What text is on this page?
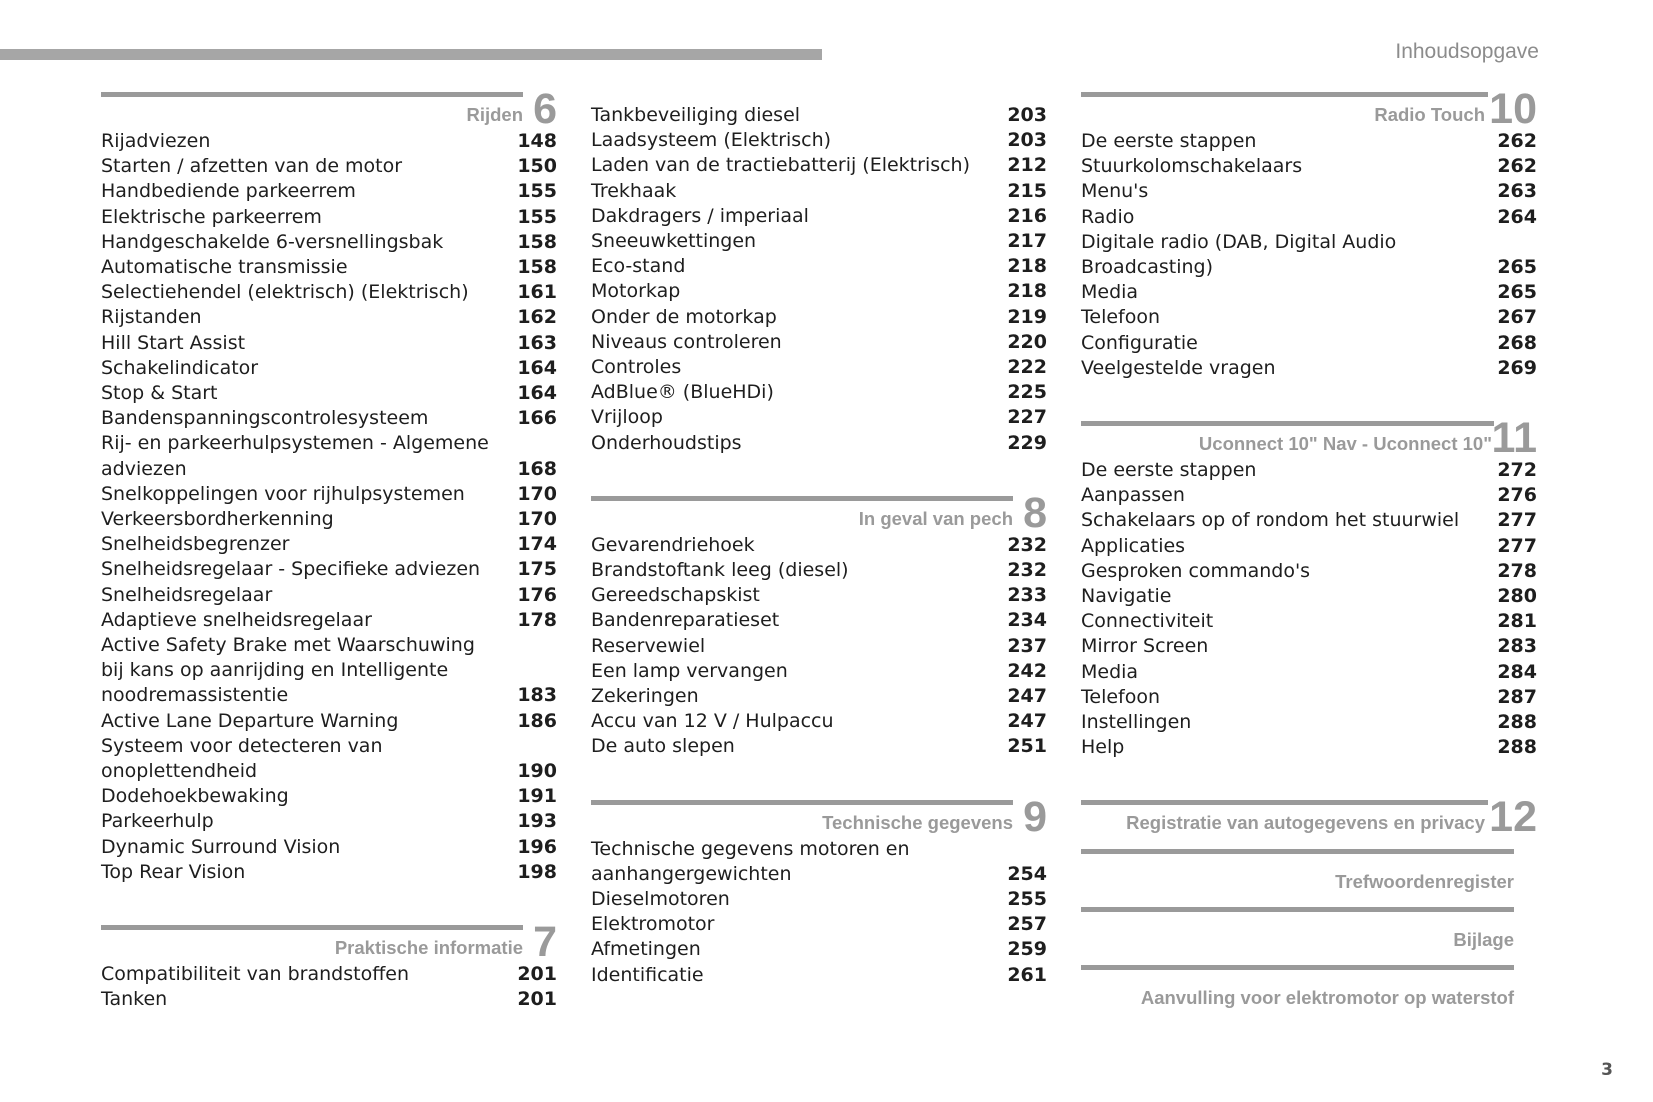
Inhoudsopgave
Rijden 6
Rijadviezen	148
Starten / afzetten van de motor	150
Handbediende parkeerrem	155
Elektrische parkeerrem	155
Handgeschakelde 6-versnellingsbak	158
Automatische transmissie	158
Selectiehendel (elektrisch) (Elektrisch)	161
Rijstanden	162
Hill Start Assist	163
Schakelindicator	164
Stop & Start	164
Bandenspanningscontrolesysteem	166
Rij- en parkeerhulpsystemen - Algemene adviezen	168
Snelkoppelingen voor rijhulpsystemen	170
Verkeersbordherkenning	170
Snelheidsbegrenzer	174
Snelheidsregelaar - Specifieke adviezen 175
Snelheidsregelaar	176
Adaptieve snelheidsregelaar	178
Active Safety Brake met Waarschuwing bij kans op aanrijding en Intelligente noodremassistentie	183
Active Lane Departure Warning	186
Systeem voor detecteren van onoplettendheid	190
Dodehoekbewaking	191
Parkeerhulp	193
Dynamic Surround Vision	196
Top Rear Vision	198
Praktische informatie 7
Compatibiliteit van brandstoffen	201
Tanken	201
Tankbeveiliging diesel	203
Laadsysteem (Elektrisch)	203
Laden van de tractiebatterij (Elektrisch) 212
Trekhaak	215
Dakdragers / imperiaal	216
Sneeuwkettingen	217
Eco-stand	218
Motorkap	218
Onder de motorkap	219
Niveaus controleren	220
Controles	222
AdBlue® (BlueHDi)	225
Vrijloop	227
Onderhoudstips	229
In geval van pech 8
Gevarendriehoek	232
Brandstoftank leeg (diesel)	232
Gereedschapskist	233
Bandenreparatieset	234
Reservewiel	237
Een lamp vervangen	242
Zekeringen	247
Accu van 12 V / Hulpaccu	247
De auto slepen	251
Technische gegevens 9
Technische gegevens motoren en aanhangergewichten	254
Dieselmotoren	255
Elektromotor	257
Afmetingen	259
Identificatie	261
Radio Touch 10
De eerste stappen	262
Stuurkolomschakelaars	262
Menu's	263
Radio	264
Digitale radio (DAB, Digital Audio Broadcasting)	265
Media	265
Telefoon	267
Configuratie	268
Veelgestelde vragen	269
Uconnect 10" Nav - Uconnect 10" 11
De eerste stappen	272
Aanpassen	276
Schakelaars op of rondom het stuurwiel 277
Applicaties	277
Gesproken commando's	278
Navigatie	280
Connectiviteit	281
Mirror Screen	283
Media	284
Telefoon	287
Instellingen	288
Help	288
Registratie van autogegevens en privacy 12
Trefwoordenregister
Bijlage
Aanvulling voor elektromotor op waterstof
3
